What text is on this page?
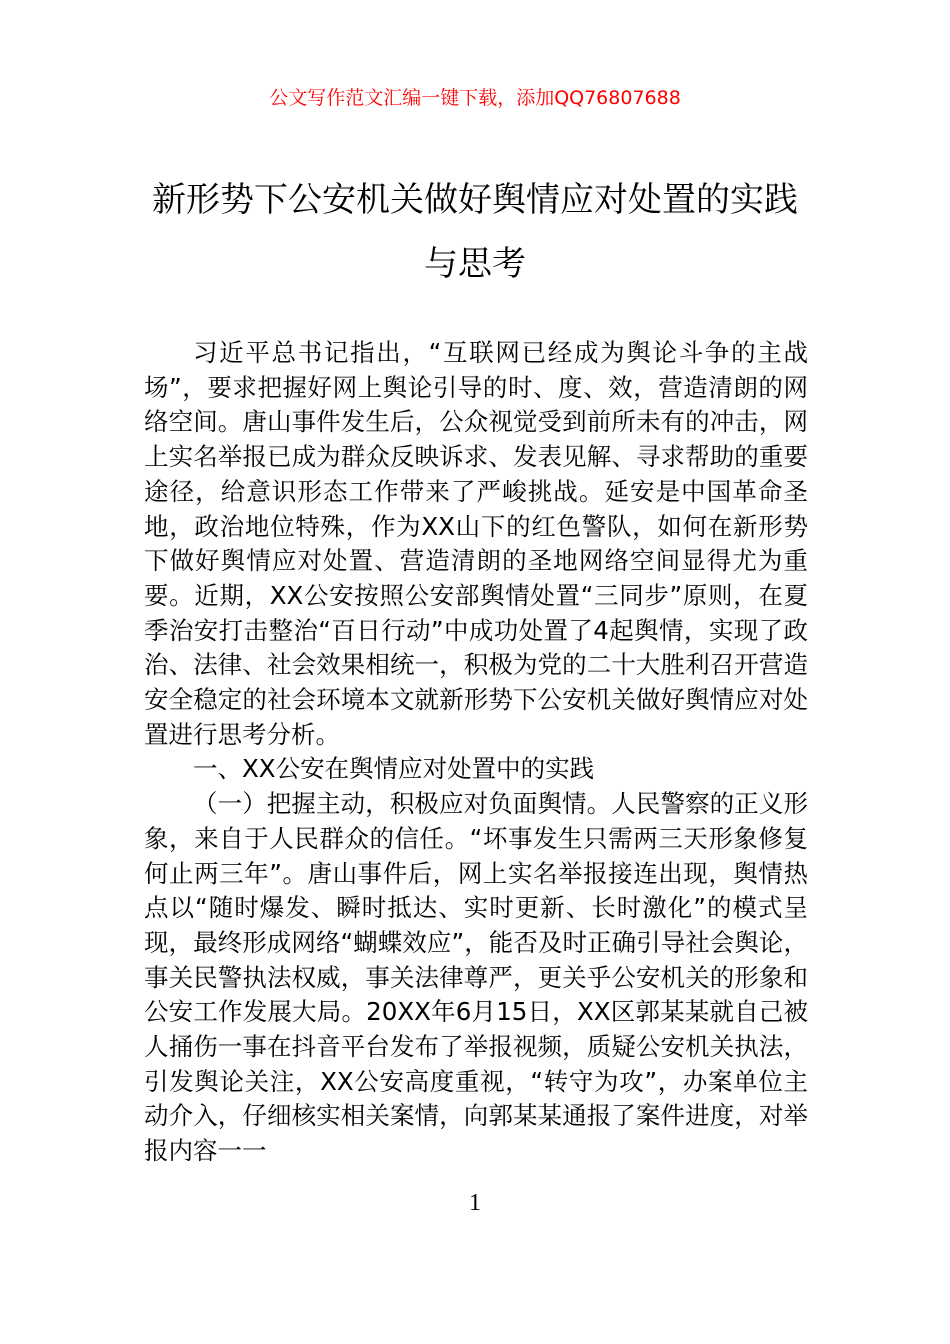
公文写作范文汇编一键下载，添加QQ76807688
新形势下公安机关做好舆情应对处置的实践与思考

习近平总书记指出，“互联网已经成为舆论斗争的主战场”，要求把握好网上舆论引导的时、度、效，营造清朗的网络空间。唐山事件发生后，公众视觉受到前所未有的冲击，网上实名举报已成为群众反映诉求、发表见解、寻求帮助的重要途径，给意识形态工作带来了严峻挑战。延安是中国革命圣地，政治地位特殊，作为XX山下的红色警队，如何在新形势下做好舆情应对处置、营造清朗的圣地网络空间显得尤为重要。近期，XX公安按照公安部舆情处置“三同步”原则，在夏季治安打击整治“百日行动”中成功处置了4起舆情，实现了政治、法律、社会效果相统一，积极为党的二十大胜利召开营造安全稳定的社会环境本文就新形势下公安机关做好舆情应对处置进行思考分析。

一、XX公安在舆情应对处置中的实践

（一）把握主动，积极应对负面舆情。人民警察的正义形象，来自于人民群众的信任。“坏事发生只需两三天形象修复何止两三年”。唐山事件后，网上实名举报接连出现，舆情热点以“随时爆发、瞬时抵达、实时更新、长时激化”的模式呈现，最终形成网络“蝴蝶效应”，能否及时正确引导社会舆论，事关民警执法权威，事关法律尊严，更关乎公安机关的形象和公安工作发展大局。20XX年6月15日，XX区郭某某就自己被人捅伤一事在抖音平台发布了举报视频，质疑公安机关执法，引发舆论关注，XX公安高度重视，“转守为攻”，办案单位主动介入，仔细核实相关案情，向郭某某通报了案件进度，对举报内容一一

1
